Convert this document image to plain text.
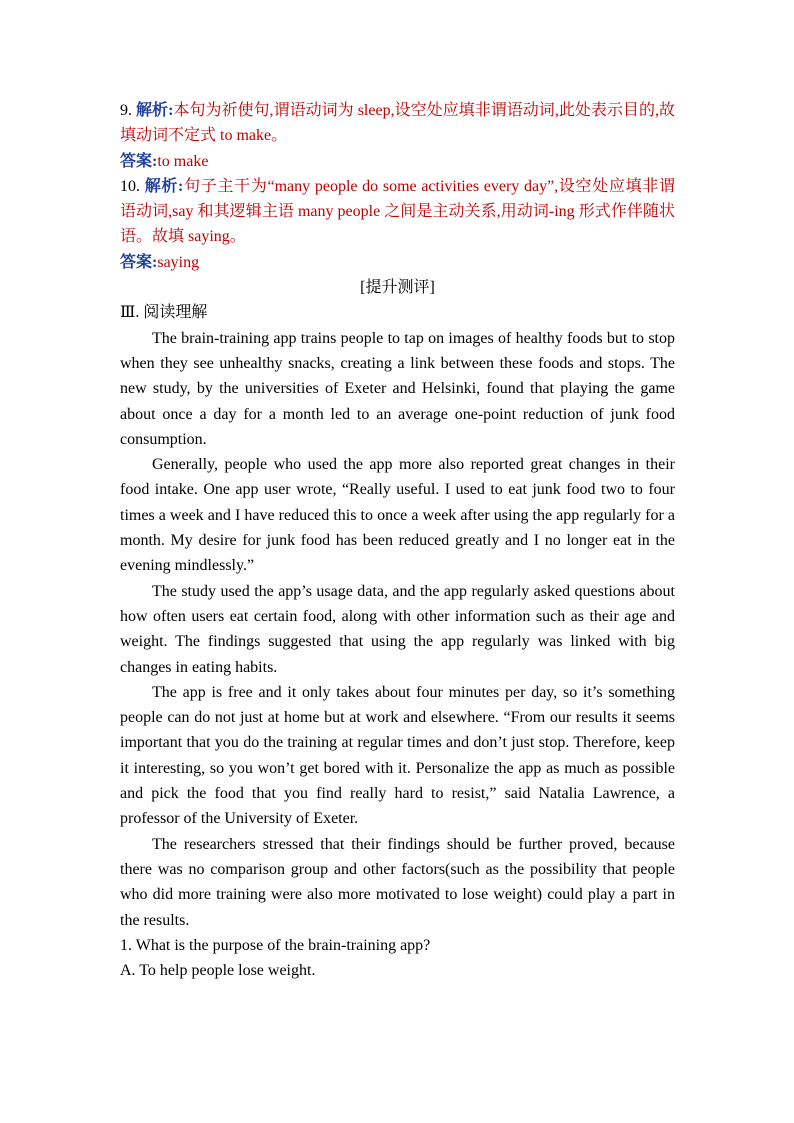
9. 解析:本句为祈使句,谓语动词为 sleep,设空处应填非谓语动词,此处表示目的,故填动词不定式 to make。

答案:to make

10. 解析:句子主干为“many people do some activities every day”,设空处应填非谓语动词,say 和其逻辑主语 many people 之间是主动关系,用动词-ing 形式作伴随状语。故填 saying。

答案:saying

[提升测评]

Ⅲ. 阅读理解

The brain-training app trains people to tap on images of healthy foods but to stop when they see unhealthy snacks, creating a link between these foods and stops. The new study, by the universities of Exeter and Helsinki, found that playing the game about once a day for a month led to an average one-point reduction of junk food consumption.

Generally, people who used the app more also reported great changes in their food intake. One app user wrote, “Really useful. I used to eat junk food two to four times a week and I have reduced this to once a week after using the app regularly for a month. My desire for junk food has been reduced greatly and I no longer eat in the evening mindlessly.”

The study used the app’s usage data, and the app regularly asked questions about how often users eat certain food, along with other information such as their age and weight. The findings suggested that using the app regularly was linked with big changes in eating habits.

The app is free and it only takes about four minutes per day, so it’s something people can do not just at home but at work and elsewhere. “From our results it seems important that you do the training at regular times and don’t just stop. Therefore, keep it interesting, so you won’t get bored with it. Personalize the app as much as possible and pick the food that you find really hard to resist,” said Natalia Lawrence, a professor of the University of Exeter.

The researchers stressed that their findings should be further proved, because there was no comparison group and other factors(such as the possibility that people who did more training were also more motivated to lose weight) could play a part in the results.

1. What is the purpose of the brain-training app?

A. To help people lose weight.
